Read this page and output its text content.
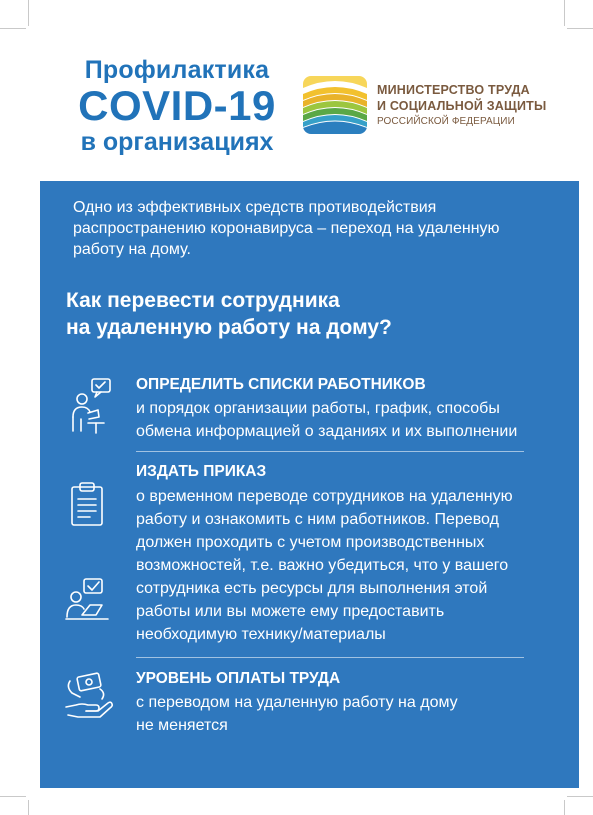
Профилактика
COVID-19
в организациях
МИНИСТЕРСТВО ТРУДА
И СОЦИАЛЬНОЙ ЗАЩИТЫ
РОССИЙСКОЙ ФЕДЕРАЦИИ
Одно из эффективных средств противодействия
распространению коронавируса – переход на удаленную
работу на дому.
Как перевести сотрудника
на удаленную работу на дому?
ОПРЕДЕЛИТЬ СПИСКИ РАБОТНИКОВ
и порядок организации работы, график, способы
обмена информацией о заданиях и их выполнении
ИЗДАТЬ ПРИКАЗ
о временном переводе сотрудников на удаленную
работу и ознакомить с ним работников. Перевод
должен проходить с учетом производственных
возможностей, т.е. важно убедиться, что у вашего
сотрудника есть ресурсы для выполнения этой
работы или вы можете ему предоставить
необходимую технику/материалы
УРОВЕНЬ ОПЛАТЫ ТРУДА
с переводом на удаленную работу на дому
не меняется
